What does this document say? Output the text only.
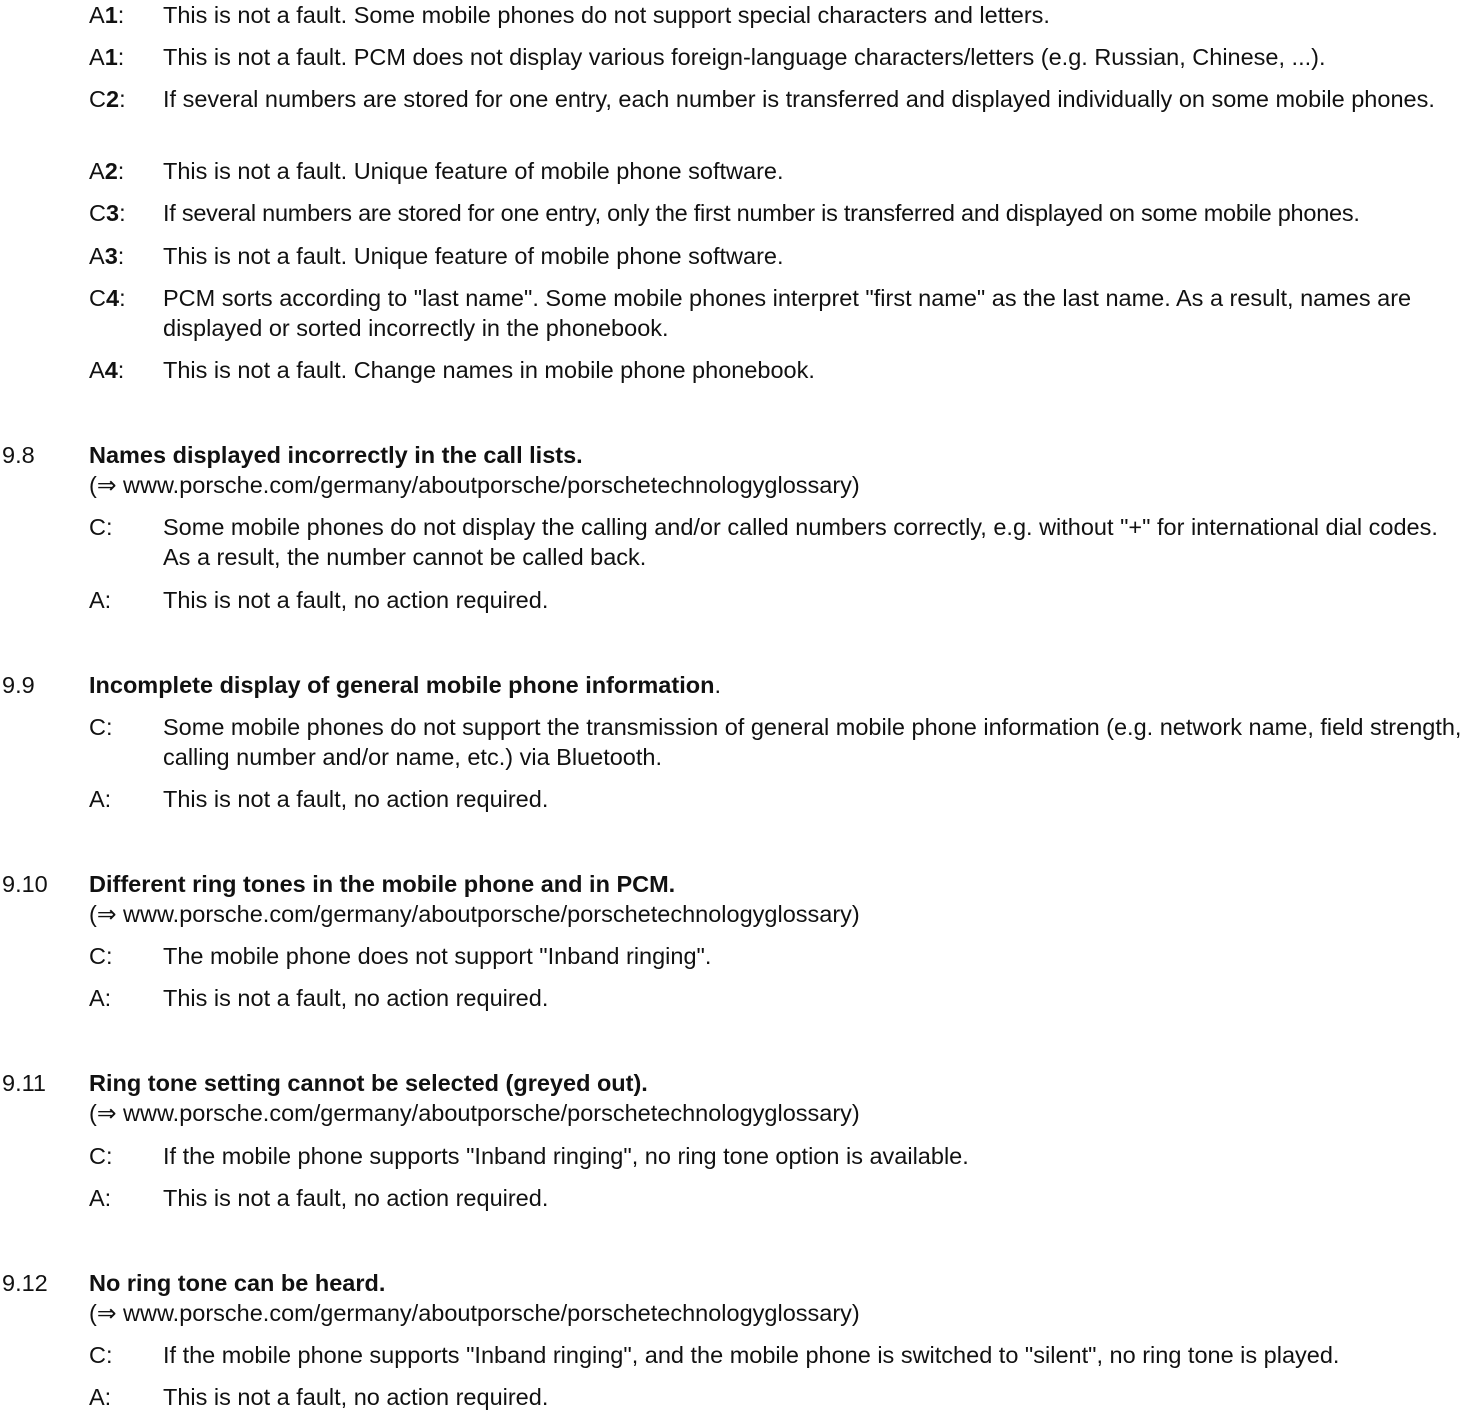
A1: This is not a fault. Some mobile phones do not support special characters and letters.
A1: This is not a fault. PCM does not display various foreign-language characters/letters (e.g. Russian, Chinese, ...).
C2: If several numbers are stored for one entry, each number is transferred and displayed individually on some mobile phones.
A2: This is not a fault. Unique feature of mobile phone software.
C3: If several numbers are stored for one entry, only the first number is transferred and displayed on some mobile phones.
A3: This is not a fault. Unique feature of mobile phone software.
C4: PCM sorts according to "last name". Some mobile phones interpret "first name" as the last name. As a result, names are displayed or sorted incorrectly in the phonebook.
A4: This is not a fault. Change names in mobile phone phonebook.
9.8 Names displayed incorrectly in the call lists.
(⇒ www.porsche.com/germany/aboutporsche/porschetechnologyglossary)
C: Some mobile phones do not display the calling and/or called numbers correctly, e.g. without "+" for international dial codes. As a result, the number cannot be called back.
A: This is not a fault, no action required.
9.9 Incomplete display of general mobile phone information.
C: Some mobile phones do not support the transmission of general mobile phone information (e.g. network name, field strength, calling number and/or name, etc.) via Bluetooth.
A: This is not a fault, no action required.
9.10 Different ring tones in the mobile phone and in PCM.
(⇒ www.porsche.com/germany/aboutporsche/porschetechnologyglossary)
C: The mobile phone does not support "Inband ringing".
A: This is not a fault, no action required.
9.11 Ring tone setting cannot be selected (greyed out).
(⇒ www.porsche.com/germany/aboutporsche/porschetechnologyglossary)
C: If the mobile phone supports "Inband ringing", no ring tone option is available.
A: This is not a fault, no action required.
9.12 No ring tone can be heard.
(⇒ www.porsche.com/germany/aboutporsche/porschetechnologyglossary)
C: If the mobile phone supports "Inband ringing", and the mobile phone is switched to "silent", no ring tone is played.
A: This is not a fault, no action required.
